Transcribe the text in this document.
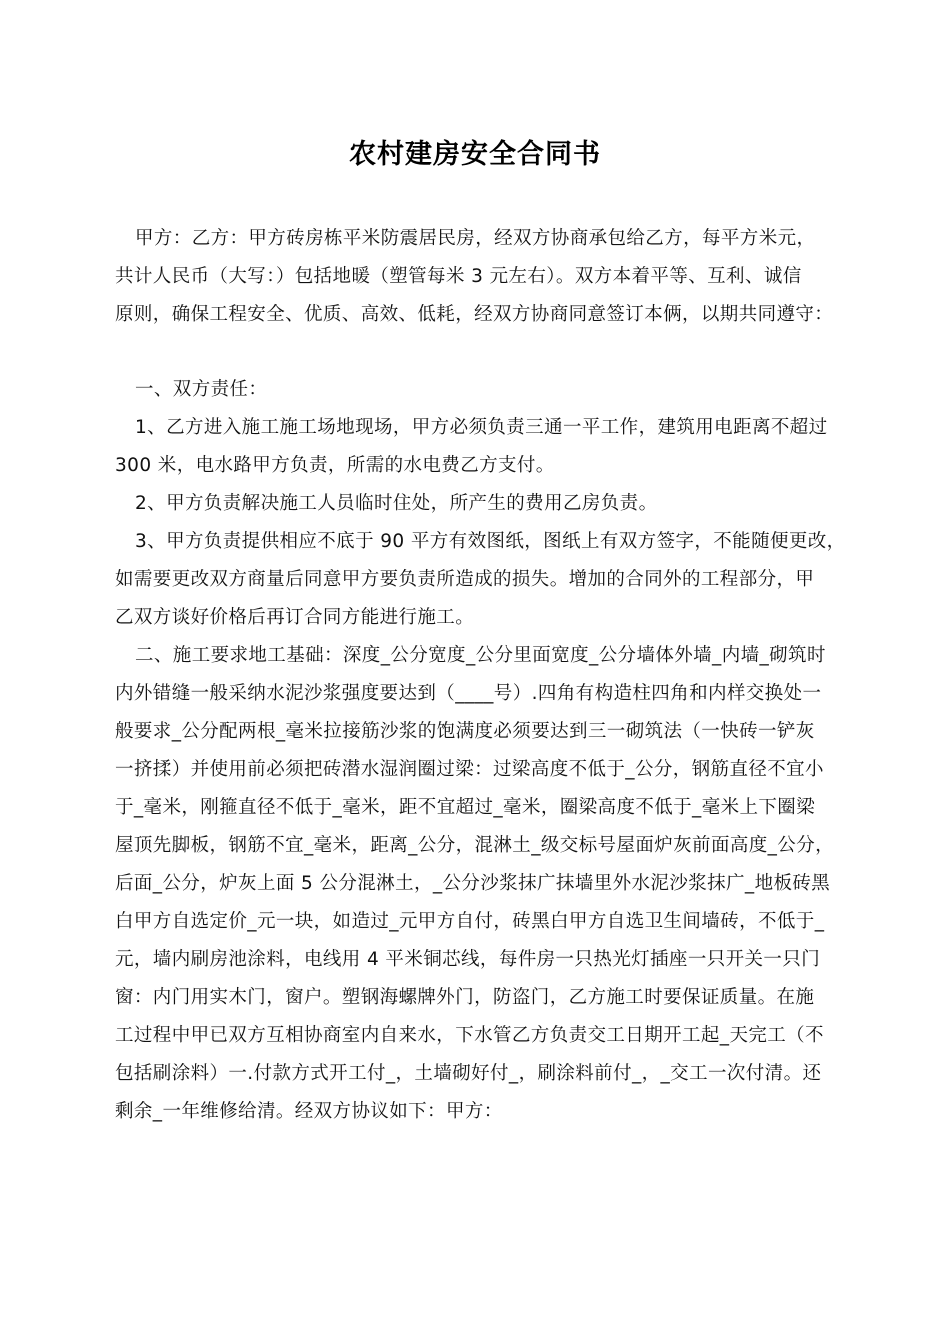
农村建房安全合同书
甲方：乙方：甲方砖房栋平米防震居民房，经双方协商承包给乙方，每平方米元，
共计人民币（大写：）包括地暖（塑管每米 3 元左右）。双方本着平等、互利、诚信
原则，确保工程安全、优质、高效、低耗，经双方协商同意签订本俩，以期共同遵守：
一、双方责任：
1、乙方进入施工施工场地现场，甲方必须负责三通一平工作，建筑用电距离不超过
300 米，电水路甲方负责，所需的水电费乙方支付。
2、甲方负责解决施工人员临时住处，所产生的费用乙房负责。
3、甲方负责提供相应不底于 90 平方有效图纸，图纸上有双方签字，不能随便更改，
如需要更改双方商量后同意甲方要负责所造成的损失。增加的合同外的工程部分，甲
乙双方谈好价格后再订合同方能进行施工。
二、施工要求地工基础：深度_公分宽度_公分里面宽度_公分墙体外墙_内墙_砌筑时
内外错缝一般采纳水泥沙浆强度要达到（____号）.四角有构造柱四角和内样交换处一
般要求_公分配两根_毫米拉接筋沙浆的饱满度必须要达到三一砌筑法（一快砖一铲灰
一挤揉）并使用前必须把砖潜水湿润圈过梁：过梁高度不低于_公分，钢筋直径不宜小
于_毫米，刚箍直径不低于_毫米，距不宜超过_毫米，圈梁高度不低于_毫米上下圈梁
屋顶先脚板，钢筋不宜_毫米，距离_公分，混淋土_级交标号屋面炉灰前面高度_公分，
后面_公分，炉灰上面 5 公分混淋土，_公分沙浆抹广抹墙里外水泥沙浆抹广_地板砖黑
白甲方自选定价_元一块，如造过_元甲方自付，砖黑白甲方自选卫生间墙砖，不低于_
元，墙内刷房池涂料，电线用 4 平米铜芯线，每件房一只热光灯插座一只开关一只门
窗：内门用实木门，窗户。塑钢海螺牌外门，防盗门，乙方施工时要保证质量。在施
工过程中甲已双方互相协商室内自来水，下水管乙方负责交工日期开工起_天完工（不
包括刷涂料）一.付款方式开工付_，土墙砌好付_，刷涂料前付_，_交工一次付清。还
剩余_一年维修给清。经双方协议如下：甲方：
